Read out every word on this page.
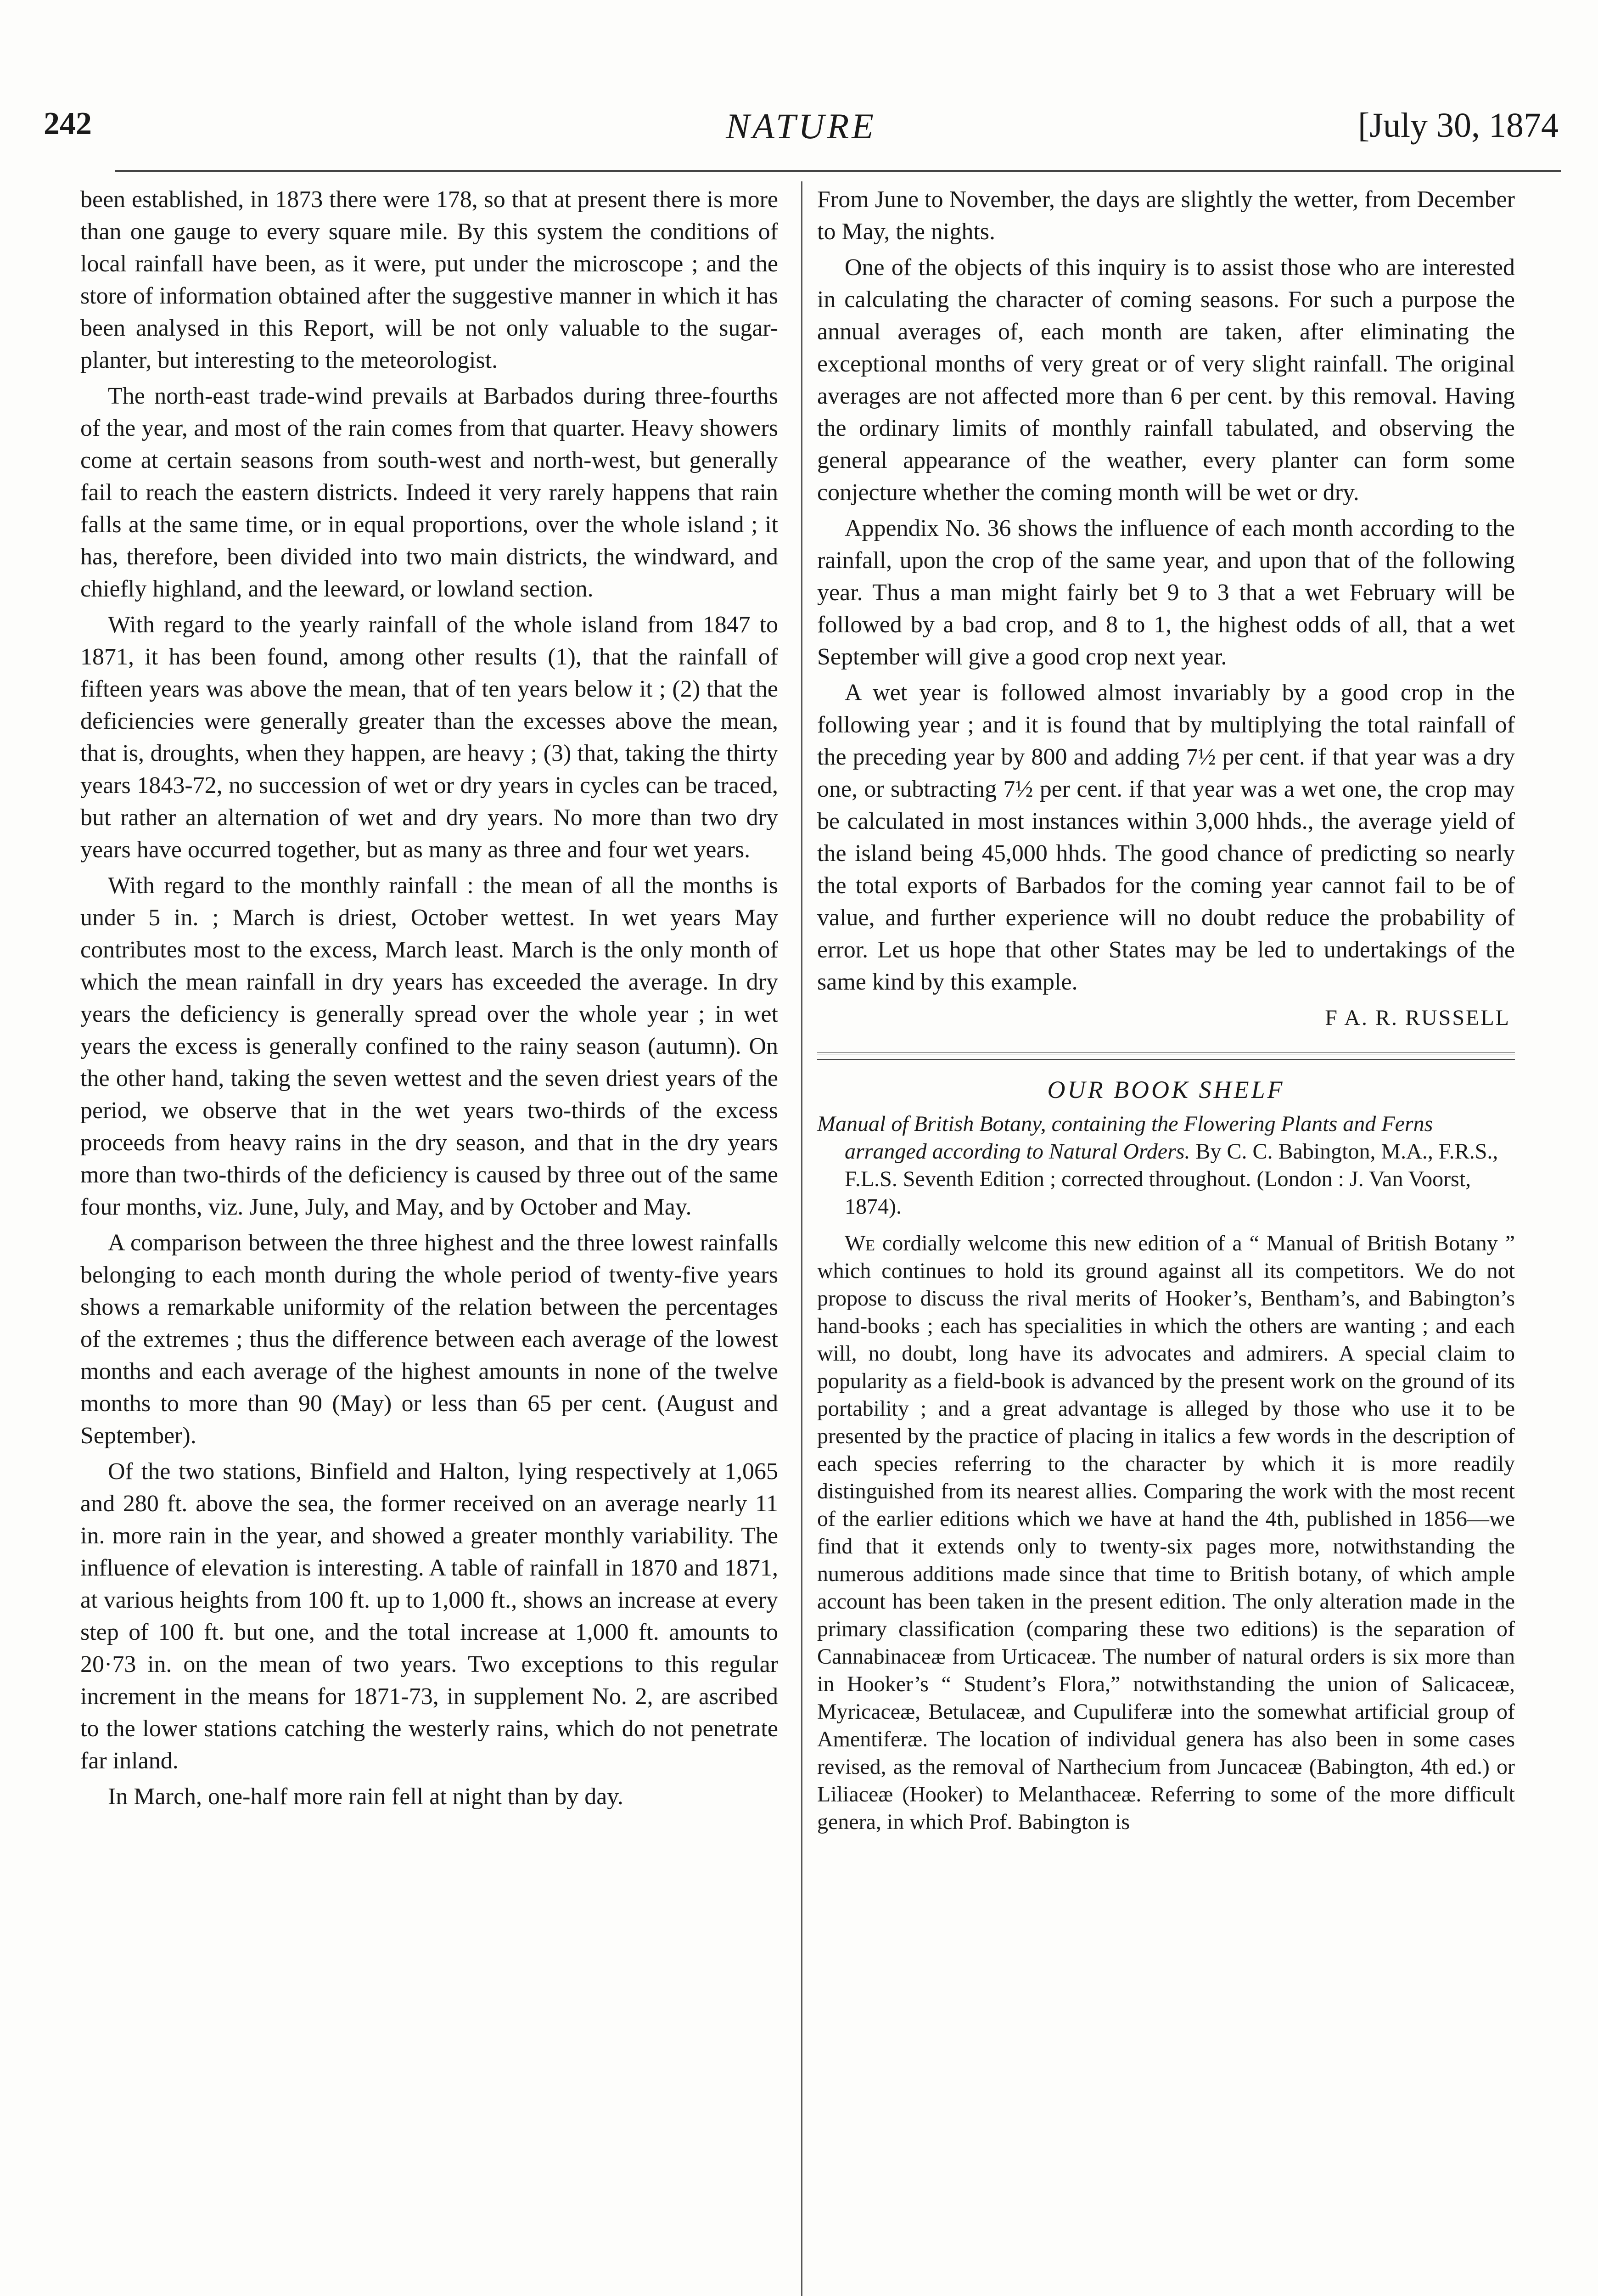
242	NATURE	[July 30, 1874

been established, in 1873 there were 178, so that at present there is more than one gauge to every square mile. By this system the conditions of local rainfall have been, as it were, put under the microscope ; and the store of information obtained after the suggestive manner in which it has been analysed in this Report, will be not only valuable to the sugar-planter, but interesting to the meteorologist.

The north-east trade-wind prevails at Barbados during three-fourths of the year, and most of the rain comes from that quarter. Heavy showers come at certain seasons from south-west and north-west, but generally fail to reach the eastern districts. Indeed it very rarely happens that rain falls at the same time, or in equal proportions, over the whole island ; it has, therefore, been divided into two main districts, the windward, and chiefly highland, and the leeward, or lowland section.

With regard to the yearly rainfall of the whole island from 1847 to 1871, it has been found, among other results (1), that the rainfall of fifteen years was above the mean, that of ten years below it ; (2) that the deficiencies were generally greater than the excesses above the mean, that is, droughts, when they happen, are heavy ; (3) that, taking the thirty years 1843-72, no succession of wet or dry years in cycles can be traced, but rather an alternation of wet and dry years. No more than two dry years have occurred together, but as many as three and four wet years.

With regard to the monthly rainfall : the mean of all the months is under 5 in. ; March is driest, October wettest. In wet years May contributes most to the excess, March least. March is the only month of which the mean rainfall in dry years has exceeded the average. In dry years the deficiency is generally spread over the whole year ; in wet years the excess is generally confined to the rainy season (autumn). On the other hand, taking the seven wettest and the seven driest years of the period, we observe that in the wet years two-thirds of the excess proceeds from heavy rains in the dry season, and that in the dry years more than two-thirds of the deficiency is caused by three out of the same four months, viz. June, July, and May, and by October and May.

A comparison between the three highest and the three lowest rainfalls belonging to each month during the whole period of twenty-five years shows a remarkable uniformity of the relation between the percentages of the extremes ; thus the difference between each average of the lowest months and each average of the highest amounts in none of the twelve months to more than 90 (May) or less than 65 per cent. (August and September).

Of the two stations, Binfield and Halton, lying respectively at 1,065 and 280 ft. above the sea, the former received on an average nearly 11 in. more rain in the year, and showed a greater monthly variability. The influence of elevation is interesting. A table of rainfall in 1870 and 1871, at various heights from 100 ft. up to 1,000 ft., shows an increase at every step of 100 ft. but one, and the total increase at 1,000 ft. amounts to 20·73 in. on the mean of two years. Two exceptions to this regular increment in the means for 1871-73, in supplement No. 2, are ascribed to the lower stations catching the westerly rains, which do not penetrate far inland.

In March, one-half more rain fell at night than by day.

From June to November, the days are slightly the wetter, from December to May, the nights.

One of the objects of this inquiry is to assist those who are interested in calculating the character of coming seasons. For such a purpose the annual averages of, each month are taken, after eliminating the exceptional months of very great or of very slight rainfall. The original averages are not affected more than 6 per cent. by this removal. Having the ordinary limits of monthly rainfall tabulated, and observing the general appearance of the weather, every planter can form some conjecture whether the coming month will be wet or dry.

Appendix No. 36 shows the influence of each month according to the rainfall, upon the crop of the same year, and upon that of the following year. Thus a man might fairly bet 9 to 3 that a wet February will be followed by a bad crop, and 8 to 1, the highest odds of all, that a wet September will give a good crop next year.

A wet year is followed almost invariably by a good crop in the following year ; and it is found that by multiplying the total rainfall of the preceding year by 800 and adding 7½ per cent. if that year was a dry one, or subtracting 7½ per cent. if that year was a wet one, the crop may be calculated in most instances within 3,000 hhds., the average yield of the island being 45,000 hhds. The good chance of predicting so nearly the total exports of Barbados for the coming year cannot fail to be of value, and further experience will no doubt reduce the probability of error. Let us hope that other States may be led to undertakings of the same kind by this example.

F A. R. RUSSELL
OUR BOOK SHELF
Manual of British Botany, containing the Flowering Plants and Ferns arranged according to Natural Orders. By C. C. Babington, M.A., F.R.S., F.L.S. Seventh Edition ; corrected throughout. (London : J. Van Voorst, 1874).

We cordially welcome this new edition of a “ Manual of British Botany ” which continues to hold its ground against all its competitors. We do not propose to discuss the rival merits of Hooker’s, Bentham’s, and Babington’s hand-books ; each has specialities in which the others are wanting ; and each will, no doubt, long have its advocates and admirers. A special claim to popularity as a field-book is advanced by the present work on the ground of its portability ; and a great advantage is alleged by those who use it to be presented by the practice of placing in italics a few words in the description of each species referring to the character by which it is more readily distinguished from its nearest allies. Comparing the work with the most recent of the earlier editions which we have at hand the 4th, published in 1856—we find that it extends only to twenty-six pages more, notwithstanding the numerous additions made since that time to British botany, of which ample account has been taken in the present edition. The only alteration made in the primary classification (comparing these two editions) is the separation of Cannabinaceæ from Urticaceæ. The number of natural orders is six more than in Hooker’s “ Student’s Flora,” notwithstanding the union of Salicaceæ, Myricaceæ, Betulaceæ, and Cupuliferæ into the somewhat artificial group of Amentiferæ. The location of individual genera has also been in some cases revised, as the removal of Narthecium from Juncaceæ (Babington, 4th ed.) or Liliaceæ (Hooker) to Melanthaceæ. Referring to some of the more difficult genera, in which Prof. Babington is
